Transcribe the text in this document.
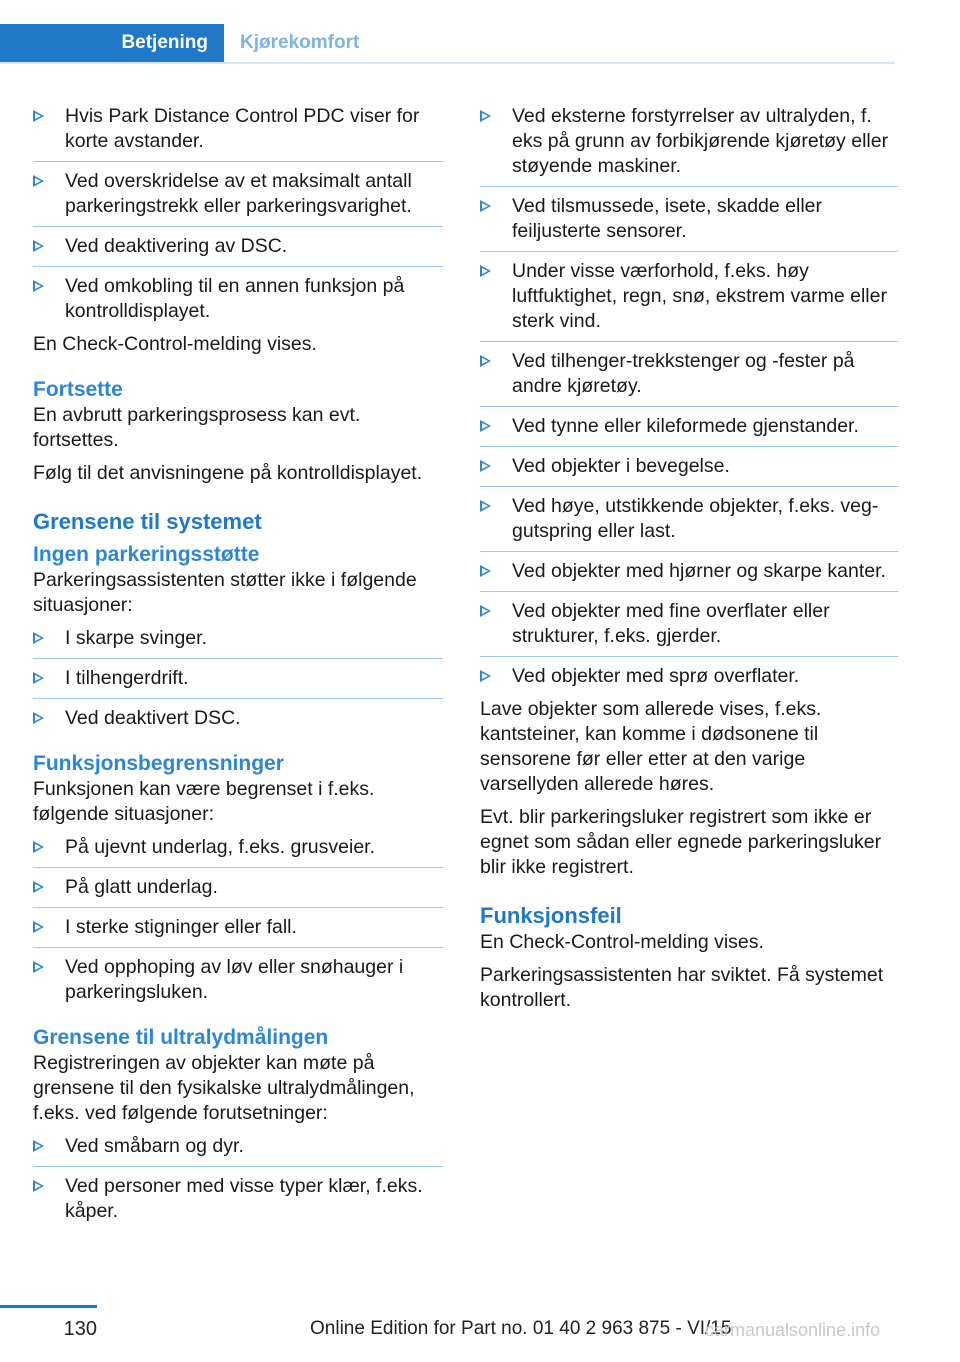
Betjening	Kjørekomfort
Hvis Park Distance Control PDC viser for korte avstander.
Ved overskridelse av et maksimalt antall parkeringstrekk eller parkeringsvarighet.
Ved deaktivering av DSC.
Ved omkobling til en annen funksjon på kontrolldisplayet.

En Check-Control-melding vises.

Fortsette

En avbrutt parkeringsprosess kan evt. fortsettes.

Følg til det anvisningene på kontrolldisplayet.

Grensene til systemet
Ingen parkeringsstøtte

Parkeringsassistenten støtter ikke i følgende situasjoner:

I skarpe svinger.
I tilhengerdrift.
Ved deaktivert DSC.
Funksjonsbegrensninger

Funksjonen kan være begrenset i f.eks. følgende situasjoner:

På ujevnt underlag, f.eks. grusveier.
På glatt underlag.
I sterke stigninger eller fall.
Ved opphoping av løv eller snøhauger i parkeringsluken.
Grensene til ultralydmålingen

Registreringen av objekter kan møte på grensene til den fysikalske ultralydmålingen, f.eks. ved følgende forutsetninger:

Ved småbarn og dyr.
Ved personer med visse typer klær, f.eks. kåper.
Ved eksterne forstyrrelser av ultralyden, f. eks på grunn av forbikjørende kjøretøy eller støyende maskiner.
Ved tilsmussede, isete, skadde eller feiljusterte sensorer.
Under visse værforhold, f.eks. høy luftfuktighet, regn, snø, ekstrem varme eller sterk vind.
Ved tilhenger-trekkstenger og -fester på andre kjøretøy.
Ved tynne eller kileformede gjenstander.
Ved objekter i bevegelse.
Ved høye, utstikkende objekter, f.eks. veggutspring eller last.
Ved objekter med hjørner og skarpe kanter.
Ved objekter med fine overflater eller strukturer, f.eks. gjerder.
Ved objekter med sprø overflater.

Lave objekter som allerede vises, f.eks. kantsteiner, kan komme i dødsonene til sensorene før eller etter at den varige varsellyden allerede høres.

Evt. blir parkeringsluker registrert som ikke er egnet som sådan eller egnede parkeringsluker blir ikke registrert.

Funksjonsfeil

En Check-Control-melding vises.

Parkeringsassistenten har sviktet. Få systemet kontrollert.

130	Online Edition for Part no. 01 40 2 963 875 - VI/15
carmanualsonline.info
